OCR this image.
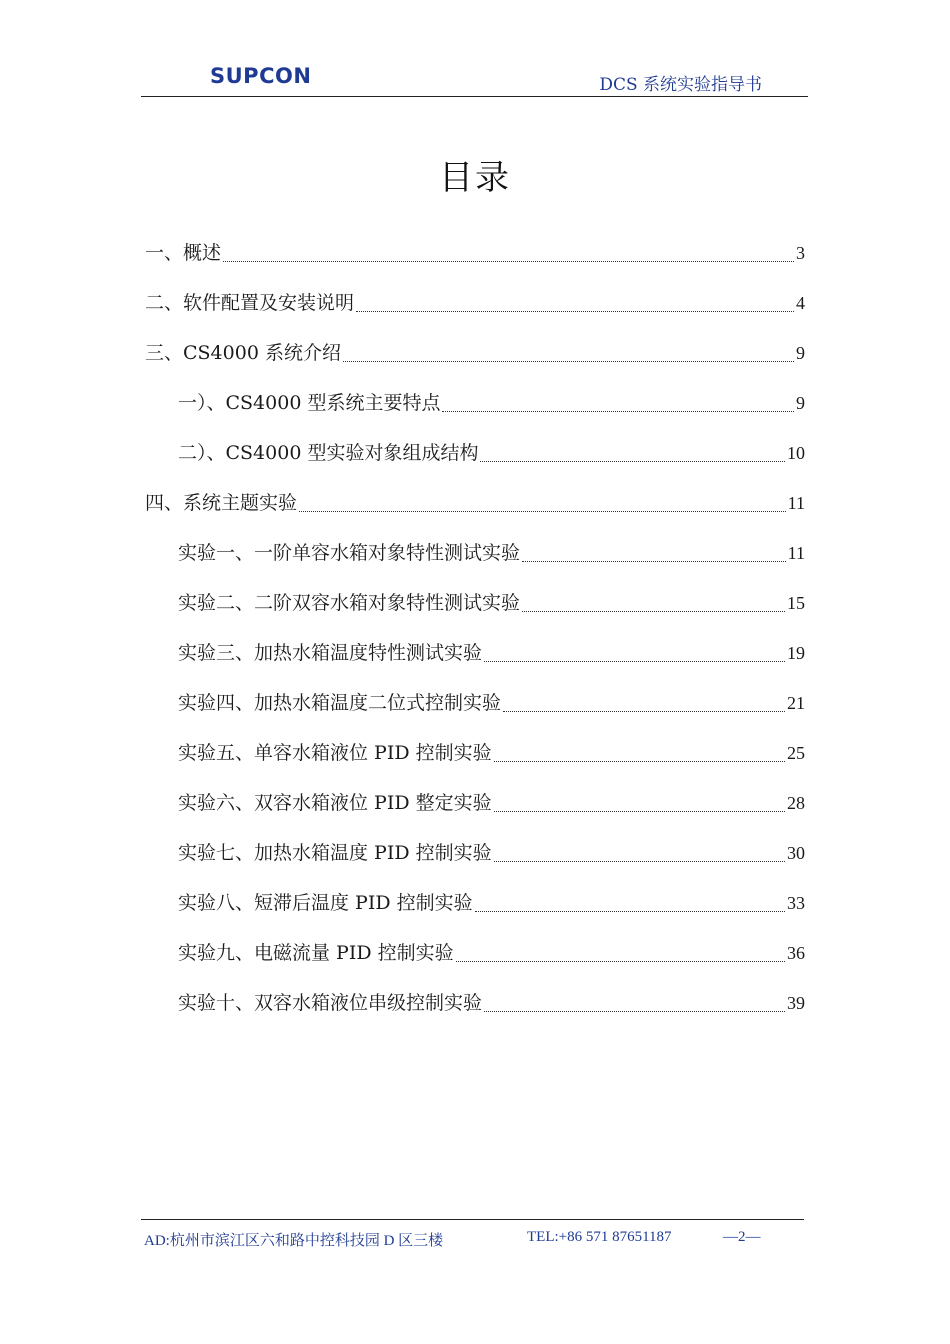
SUPCON	DCS 系统实验指导书
目录
一、概述	3
二、软件配置及安装说明	4
三、CS4000 系统介绍	9
一）、CS4000 型系统主要特点	9
二）、CS4000 型实验对象组成结构	10
四、系统主题实验	11
实验一、一阶单容水箱对象特性测试实验	11
实验二、二阶双容水箱对象特性测试实验	15
实验三、加热水箱温度特性测试实验	19
实验四、加热水箱温度二位式控制实验	21
实验五、单容水箱液位 PID 控制实验	25
实验六、双容水箱液位 PID 整定实验	28
实验七、加热水箱温度 PID 控制实验	30
实验八、短滞后温度 PID 控制实验	33
实验九、电磁流量 PID 控制实验	36
实验十、双容水箱液位串级控制实验	39
AD:杭州市滨江区六和路中控科技园 D 区三楼	TEL:+86 571 87651187	—2—
